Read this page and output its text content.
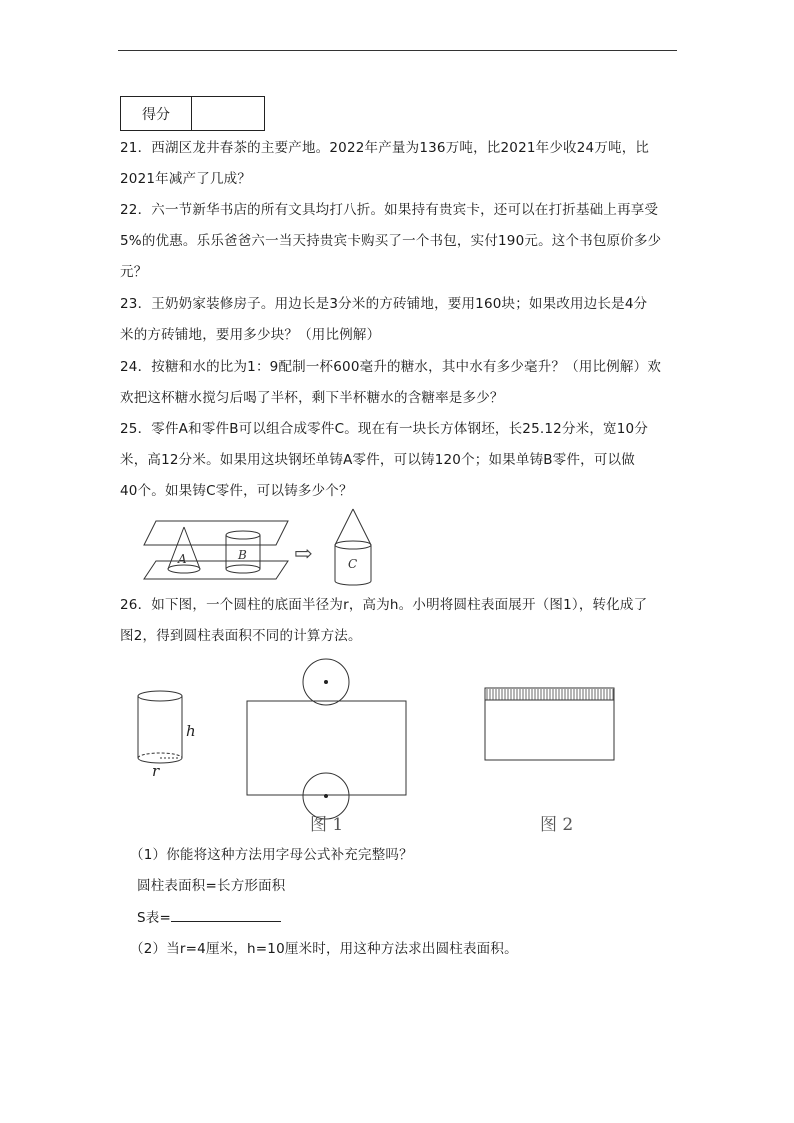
得分
21．西湖区龙井春茶的主要产地。2022年产量为136万吨，比2021年少收24万吨，比
2021年减产了几成？
22．六一节新华书店的所有文具均打八折。如果持有贵宾卡，还可以在打折基础上再享受
5%的优惠。乐乐爸爸六一当天持贵宾卡购买了一个书包，实付190元。这个书包原价多少
元？
23．王奶奶家装修房子。用边长是3分米的方砖铺地，要用160块；如果改用边长是4分
米的方砖铺地，要用多少块？（用比例解）
24．按糖和水的比为1：9配制一杯600毫升的糖水，其中水有多少毫升？（用比例解）欢
欢把这杯糖水搅匀后喝了半杯，剩下半杯糖水的含糖率是多少？
25．零件A和零件B可以组合成零件C。现在有一块长方体钢坯，长25.12分米，宽10分
米，高12分米。如果用这块钢坯单铸A零件，可以铸120个；如果单铸B零件，可以做
40个。如果铸C零件，可以铸多少个？
A	B ⇨	C
26．如下图，一个圆柱的底面半径为r，高为h。小明将圆柱表面展开（图1），转化成了
图2，得到圆柱表面积不同的计算方法。
h
r
图 1	图 2
（1）你能将这种方法用字母公式补充完整吗？
圆柱表面积=长方形面积
S表=
（2）当r=4厘米，h=10厘米时，用这种方法求出圆柱表面积。
